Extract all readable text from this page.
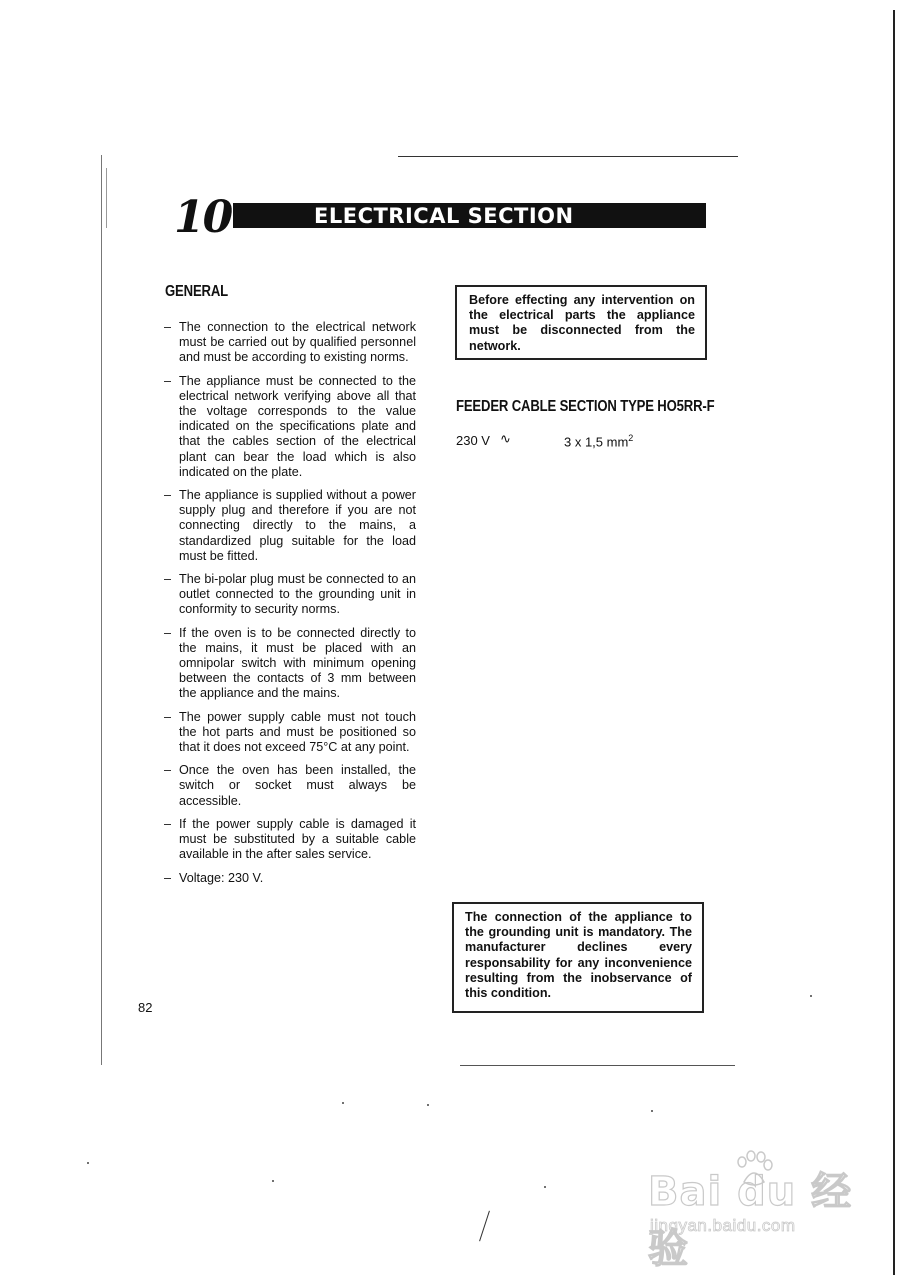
10	ELECTRICAL SECTION
GENERAL
– The connection to the electrical network must be carried out by qualified personnel and must be according to existing norms.
– The appliance must be connected to the electrical network verifying above all that the voltage corresponds to the value indicated on the specifications plate and that the cables section of the electrical plant can bear the load which is also indicated on the plate.
– The appliance is supplied without a power supply plug and therefore if you are not connecting directly to the mains, a standardized plug suitable for the load must be fitted.
– The bi-polar plug must be connected to an outlet connected to the grounding unit in conformity to security norms.
– If the oven is to be connected directly to the mains, it must be placed with an omnipolar switch with minimum opening between the contacts of 3 mm between the appliance and the mains.
– The power supply cable must not touch the hot parts and must be positioned so that it does not exceed 75°C at any point.
– Once the oven has been installed, the switch or socket must always be accessible.
– If the power supply cable is damaged it must be substituted by a suitable cable available in the after sales service.
– Voltage: 230 V.
Before effecting any intervention on the electrical parts the appliance must be disconnected from the network.
FEEDER CABLE SECTION TYPE HO5RR-F
230 V ∿	3 x 1,5 $mm^2$
The connection of the appliance to the grounding unit is mandatory. The manufacturer declines every responsability for any inconvenience resulting from the inobservance of this condition.
82
Bai du 经验
jingyan.baidu.com
